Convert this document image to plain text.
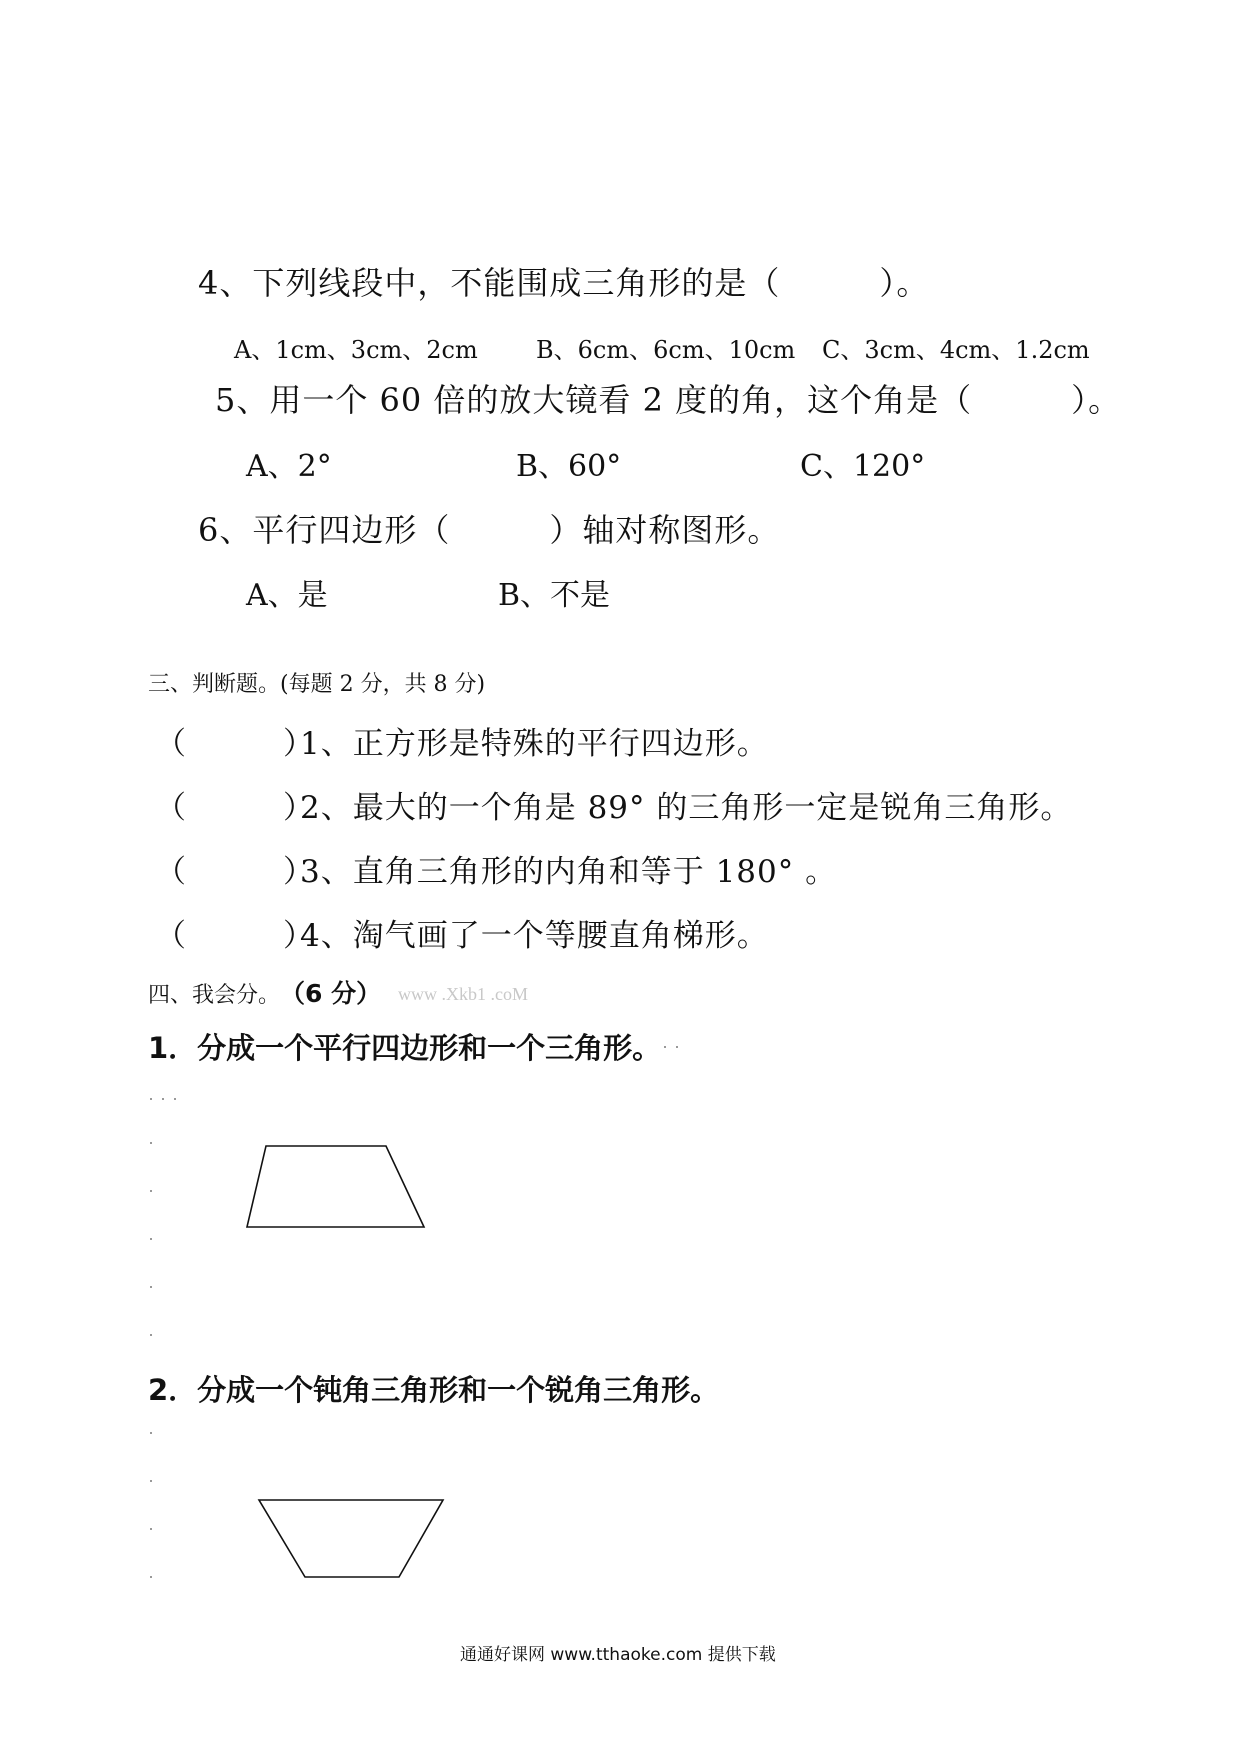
4、下列线段中，不能围成三角形的是（　　　）。
A、1cm、3cm、2cm B、6cm、6cm、10cm C、3cm、4cm、1.2cm
5、用一个 60 倍的放大镜看 2 度的角，这个角是（　　　）。
A、2°	B、60°	C、120°
6、平行四边形（　　　）轴对称图形。
A、是	B、不是
三、判断题。(每题 2 分，共 8 分)
（　　　）
1、正方形是特殊的平行四边形。
（　　　）
2、最大的一个角是 89° 的三角形一定是锐角三角形。
（　　　）
3、直角三角形的内角和等于 180° 。
（　　　）
4、淘气画了一个等腰直角梯形。
四、我会分。 （6 分） www .Xkb1 .coM
1．分成一个平行四边形和一个三角形。
2．分成一个钝角三角形和一个锐角三角形。
通通好课网 www.tthaoke.com 提供下载
